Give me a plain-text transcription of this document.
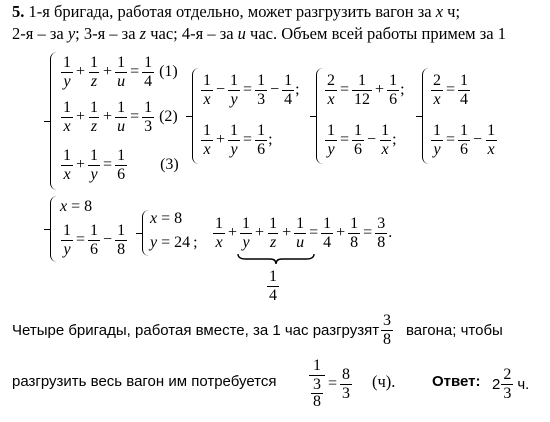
5. 1-я бригада, работая отдельно, может разгрузить вагон за x ч;
2-я – за y; 3-я – за z час; 4-я – за u час. Объем всей работы примем за 1
$\frac{1}{y} + \frac{1}{z} + \frac{1}{u} = \frac{1}{4} (1)$
$\frac{1}{x} + \frac{1}{z} + \frac{1}{u} = \frac{1}{3} (2)$
$\frac{1}{x} + \frac{1}{y} = \frac{1}{6} (3)$
$\frac{1}{x} - \frac{1}{y} = \frac{1}{3} - \frac{1}{4}$ ;
$\frac{1}{x} + \frac{1}{y} = \frac{1}{6}$ ;
$\frac{2}{x} = \frac{1}{12} + \frac{1}{6}$ ;
$\frac{1}{y} = \frac{1}{6} - \frac{1}{x}$ ;
$\frac{2}{x} = \frac{1}{4}$
$\frac{1}{y} = \frac{1}{6} - \frac{1}{x}$
x = 8
$\frac{1}{y} = \frac{1}{6} - \frac{1}{8}$
x = 8
y = 24 ; $\frac{1}{x} + \frac{1}{y} + \frac{1}{z} + \frac{1}{u} = \frac{1}{4} + \frac{1}{8} = \frac{3}{8}$ .
$\frac{1}{4}$
Четыре бригады, работая вместе, за 1 час разгрузят $\frac{3}{8}$ вагона; чтобы
разгрузить весь вагон им потребуется 1
3
$8 = \frac{8}{3} (ч)$. Ответ: $2 \frac{2}{3} ч$.
